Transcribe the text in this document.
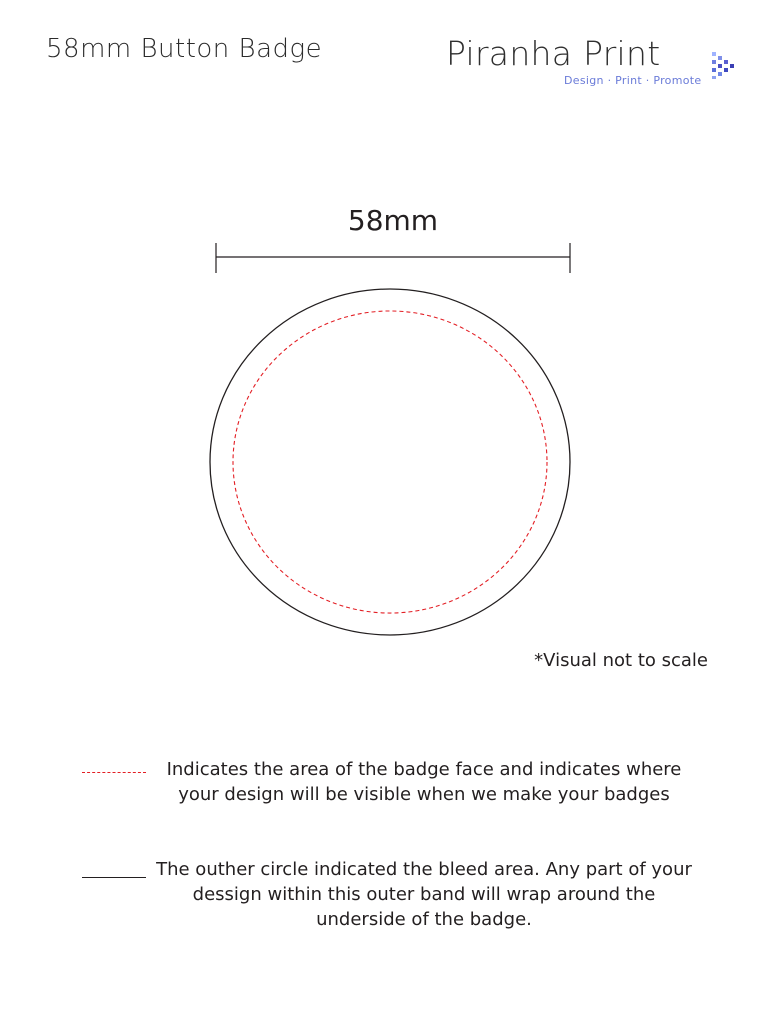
58mm Button Badge	Piranha Print
Design · Print · Promote
58mm
*Visual not to scale
Indicates the area of the badge face and indicates where your design will be visible when we make your badges
The outher circle indicated the bleed area. Any part of your dessign within this outer band will wrap around the underside of the badge.
